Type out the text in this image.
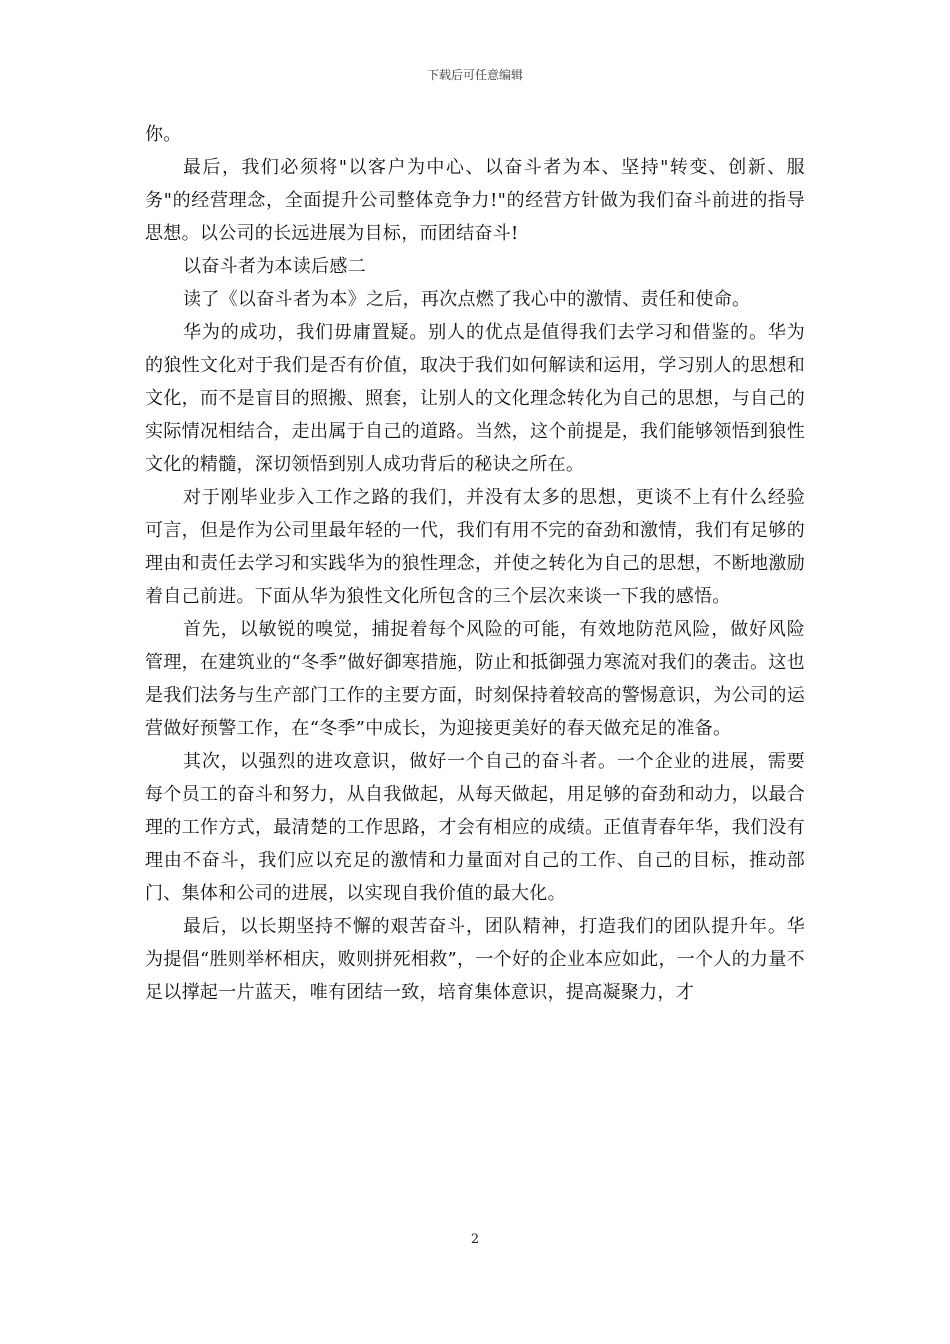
下载后可任意编辑

你。

最后，我们必须将"以客户为中心、以奋斗者为本、坚持"转变、创新、服务"的经营理念，全面提升公司整体竞争力!"的经营方针做为我们奋斗前进的指导思想。以公司的长远进展为目标，而团结奋斗!

以奋斗者为本读后感二

读了《以奋斗者为本》之后，再次点燃了我心中的激情、责任和使命。

华为的成功，我们毋庸置疑。别人的优点是值得我们去学习和借鉴的。华为的狼性文化对于我们是否有价值，取决于我们如何解读和运用，学习别人的思想和文化，而不是盲目的照搬、照套，让别人的文化理念转化为自己的思想，与自己的实际情况相结合，走出属于自己的道路。当然，这个前提是，我们能够领悟到狼性文化的精髓，深切领悟到别人成功背后的秘诀之所在。

对于刚毕业步入工作之路的我们，并没有太多的思想，更谈不上有什么经验可言，但是作为公司里最年轻的一代，我们有用不完的奋劲和激情，我们有足够的理由和责任去学习和实践华为的狼性理念，并使之转化为自己的思想，不断地激励着自己前进。下面从华为狼性文化所包含的三个层次来谈一下我的感悟。

首先，以敏锐的嗅觉，捕捉着每个风险的可能，有效地防范风险，做好风险管理，在建筑业的“冬季”做好御寒措施，防止和抵御强力寒流对我们的袭击。这也是我们法务与生产部门工作的主要方面，时刻保持着较高的警惕意识，为公司的运营做好预警工作，在“冬季”中成长，为迎接更美好的春天做充足的准备。

其次，以强烈的进攻意识，做好一个自己的奋斗者。一个企业的进展，需要每个员工的奋斗和努力，从自我做起，从每天做起，用足够的奋劲和动力，以最合理的工作方式，最清楚的工作思路，才会有相应的成绩。正值青春年华，我们没有理由不奋斗，我们应以充足的激情和力量面对自己的工作、自己的目标，推动部门、集体和公司的进展，以实现自我价值的最大化。

最后，以长期坚持不懈的艰苦奋斗，团队精神，打造我们的团队提升年。华为提倡“胜则举杯相庆，败则拼死相救”，一个好的企业本应如此，一个人的力量不足以撑起一片蓝天，唯有团结一致，培育集体意识，提高凝聚力，才

2
